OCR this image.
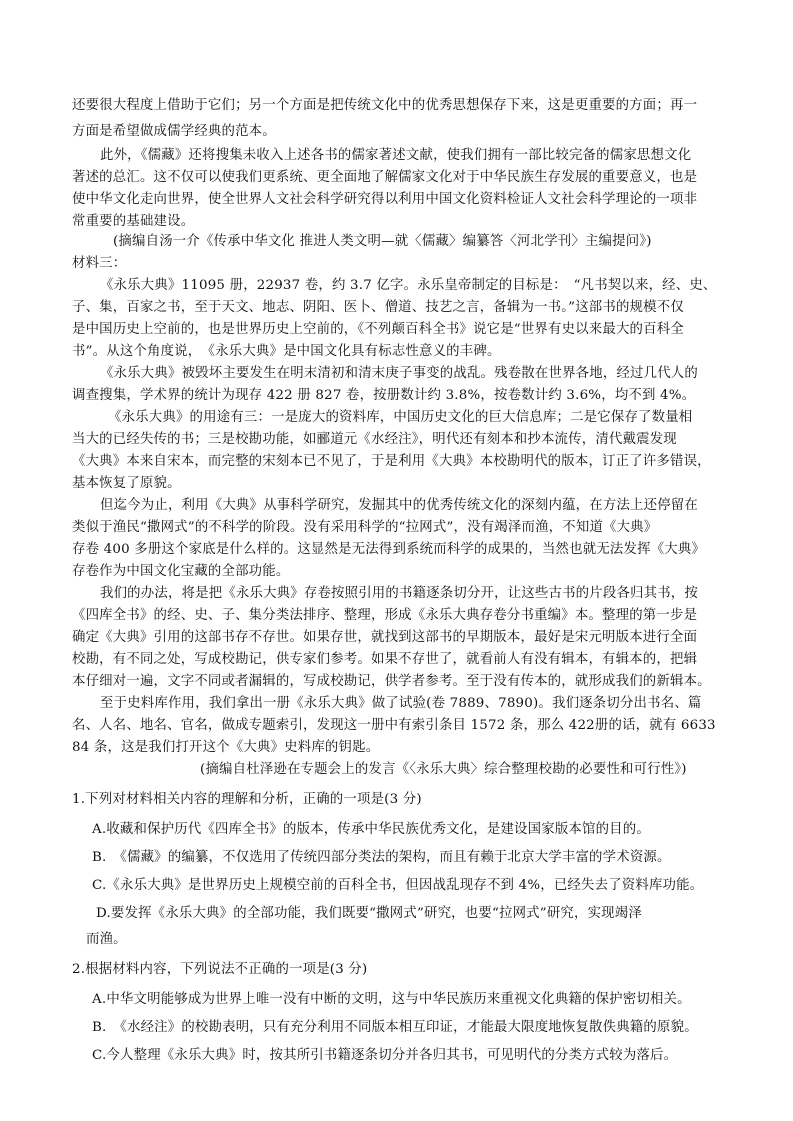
还要很大程度上借助于它们；另一个方面是把传统文化中的优秀思想保存下来，这是更重要的方面；再一
方面是希望做成儒学经典的范本。
此外，《儒藏》还将搜集未收入上述各书的儒家著述文献，使我们拥有一部比较完备的儒家思想文化
著述的总汇。这不仅可以使我们更系统、更全面地了解儒家文化对于中华民族生存发展的重要意义，也是
使中华文化走向世界，使全世界人文社会科学研究得以利用中国文化资料检证人文社会科学理论的一项非
常重要的基础建设。
(摘编自汤一介《传承中华文化 推进人类文明—就〈儒藏〉编纂答〈河北学刊〉主编提问》)
材料三：
《永乐大典》11095 册，22937 卷，约 3.7 亿字。永乐皇帝制定的目标是：　“凡书契以来，经、史、
子、集，百家之书，至于天文、地志、阴阳、医卜、僧道、技艺之言，备辑为一书。”这部书的规模不仅
是中国历史上空前的，也是世界历史上空前的，《不列颠百科全书》说它是“世界有史以来最大的百科全
书”。从这个角度说，　《永乐大典》是中国文化具有标志性意义的丰碑。
《永乐大典》被毁坏主要发生在明末清初和清末庚子事变的战乱。残卷散在世界各地，经过几代人的
调查搜集，学术界的统计为现存 422 册 827 卷，按册数计约 3.8%，按卷数计约 3.6%，均不到 4%。
《永乐大典》的用途有三：一是庞大的资料库，中国历史文化的巨大信息库；二是它保存了数量相
当大的已经失传的书；三是校勘功能，如郦道元《水经注》，明代还有刻本和抄本流传，清代戴震发现
《大典》本来自宋本，而完整的宋刻本已不见了，于是利用《大典》本校勘明代的版本，订正了许多错误，
基本恢复了原貌。
但迄今为止，利用《大典》从事科学研究，发掘其中的优秀传统文化的深刻内蕴，在方法上还停留在
类似于渔民“撒网式”的不科学的阶段。没有采用科学的“拉网式”，没有竭泽而渔，不知道《大典》
存卷 400 多册这个家底是什么样的。这显然是无法得到系统而科学的成果的，当然也就无法发挥《大典》
存卷作为中国文化宝藏的全部功能。
我们的办法，将是把《永乐大典》存卷按照引用的书籍逐条切分开，让这些古书的片段各归其书，按
《四库全书》的经、史、子、集分类法排序、整理，形成《永乐大典存卷分书重编》本。整理的第一步是
确定《大典》引用的这部书存不存世。如果存世，就找到这部书的早期版本，最好是宋元明版本进行全面
校勘，有不同之处，写成校勘记，供专家们参考。如果不存世了，就看前人有没有辑本，有辑本的，把辑
本仔细对一遍，文字不同或者漏辑的，写成校勘记，供学者参考。至于没有传本的，就形成我们的新辑本。
至于史料库作用，我们拿出一册《永乐大典》做了试验(卷 7889、7890)。我们逐条切分出书名、篇
名、人名、地名、官名，做成专题索引，发现这一册中有索引条目 1572 条，那么 422册的话，就有 6633
84 条，这是我们打开这个《大典》史料库的钥匙。
(摘编自杜泽逊在专题会上的发言《〈永乐大典〉综合整理校勘的必要性和可行性》)
1.下列对材料相关内容的理解和分析，正确的一项是(3 分)
A.收藏和保护历代《四库全书》的版本，传承中华民族优秀文化，是建设国家版本馆的目的。
B.　《儒藏》的编纂，不仅选用了传统四部分类法的架构，而且有赖于北京大学丰富的学术资源。
C.《永乐大典》是世界历史上规模空前的百科全书，但因战乱现存不到 4%，已经失去了资料库功能。
D.要发挥《永乐大典》的全部功能，我们既要“撒网式”研究，也要“拉网式”研究，实现竭泽
而渔。
2.根据材料内容，下列说法不正确的一项是(3 分)
A.中华文明能够成为世界上唯一没有中断的文明，这与中华民族历来重视文化典籍的保护密切相关。
B.　《水经注》的校勘表明，只有充分利用不同版本相互印证，才能最大限度地恢复散佚典籍的原貌。
C.今人整理《永乐大典》时，按其所引书籍逐条切分并各归其书，可见明代的分类方式较为落后。
